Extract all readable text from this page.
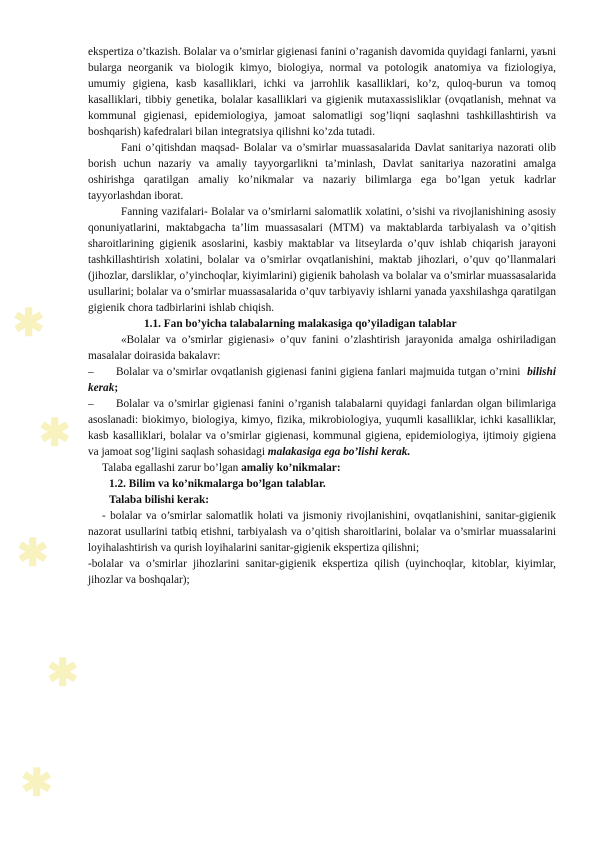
✱
✱
✱
✱
✱

ekspertiza o’tkazish. Bolalar va o’smirlar gigienasi fanini o’raganish davomida quyidagi fanlarni, yаъni bularga neorganik va biologik kimyo, biologiya, normal va potologik anatomiya va fiziologiya, umumiy gigiena, kasb kasalliklari, ichki va jarrohlik kasalliklari, ko’z, quloq-burun va tomoq kasalliklari, tibbiy genetika, bolalar kasalliklari va gigienik mutaxassisliklar (ovqatlanish, mehnat va kommunal gigienasi, epidemiologiya, jamoat salomatligi sog’liqni saqlashni tashkillashtirish va boshqarish) kafedralari bilan integratsiya qilishni ko’zda tutadi.

Fani o’qitishdan maqsad- Bolalar va o’smirlar muassasalarida Davlat sanitariya nazorati olib borish uchun nazariy va amaliy tayyorgarlikni ta’minlash, Davlat sanitariya nazoratini amalga oshirishga qaratilgan amaliy ko’nikmalar va nazariy bilimlarga ega bo’lgan yetuk kadrlar tayyorlashdan iborat.

Fanning vazifalari- Bolalar va o’smirlarni salomatlik xolatini, o’sishi va rivojlanishining asosiy qonuniyatlarini, maktabgacha ta’lim muassasalari (MTM) va maktablarda tarbiyalash va o’qitish sharoitlarining gigienik asoslarini, kasbiy maktablar va litseylarda o’quv ishlab chiqarish jarayoni tashkillashtirish xolatini, bolalar va o’smirlar ovqatlanishini, maktab jihozlari, o’quv qo’llanmalari (jihozlar, darsliklar, o’yinchoqlar, kiyimlarini) gigienik baholash va bolalar va o’smirlar muassasalarida usullarini; bolalar va o’smirlar muassasalarida o’quv tarbiyaviy ishlarni yanada yaxshilashga qaratilgan gigienik chora tadbirlarini ishlab chiqish.

1.1. Fan bo’yicha talabalarning malakasiga qo’yiladigan talablar

«Bolalar va o’smirlar gigienasi» o’quv fanini o’zlashtirish jarayonida amalga oshiriladigan masalalar doirasida bakalavr:

– Bolalar va o’smirlar ovqatlanish gigienasi fanini gigiena fanlari majmuida tutgan o’rnini bilishi kerak;

– Bolalar va o’smirlar gigienasi fanini o’rganish talabalarni quyidagi fanlardan olgan bilimlariga asoslanadi: biokimyo, biologiya, kimyo, fizika, mikrobiologiya, yuqumli kasalliklar, ichki kasalliklar, kasb kasalliklari, bolalar va o’smirlar gigienasi, kommunal gigiena, epidemiologiya, ijtimoiy gigiena va jamoat sog’ligini saqlash sohasidagi malakasiga ega bo’lishi kerak.

Talaba egallashi zarur bo’lgan amaliy ko’nikmalar:

1.2. Bilim va ko’nikmalarga bo’lgan talablar.

Talaba bilishi kerak:

- bolalar va o’smirlar salomatlik holati va jismoniy rivojlanishini, ovqatlanishini, sanitar-gigienik nazorat usullarini tatbiq etishni, tarbiyalash va o’qitish sharoitlarini, bolalar va o’smirlar muassalarini loyihalashtirish va qurish loyihalarini sanitar-gigienik ekspertiza qilishni;

-bolalar va o’smirlar jihozlarini sanitar-gigienik ekspertiza qilish (uyinchoqlar, kitoblar, kiyimlar, jihozlar va boshqalar);
